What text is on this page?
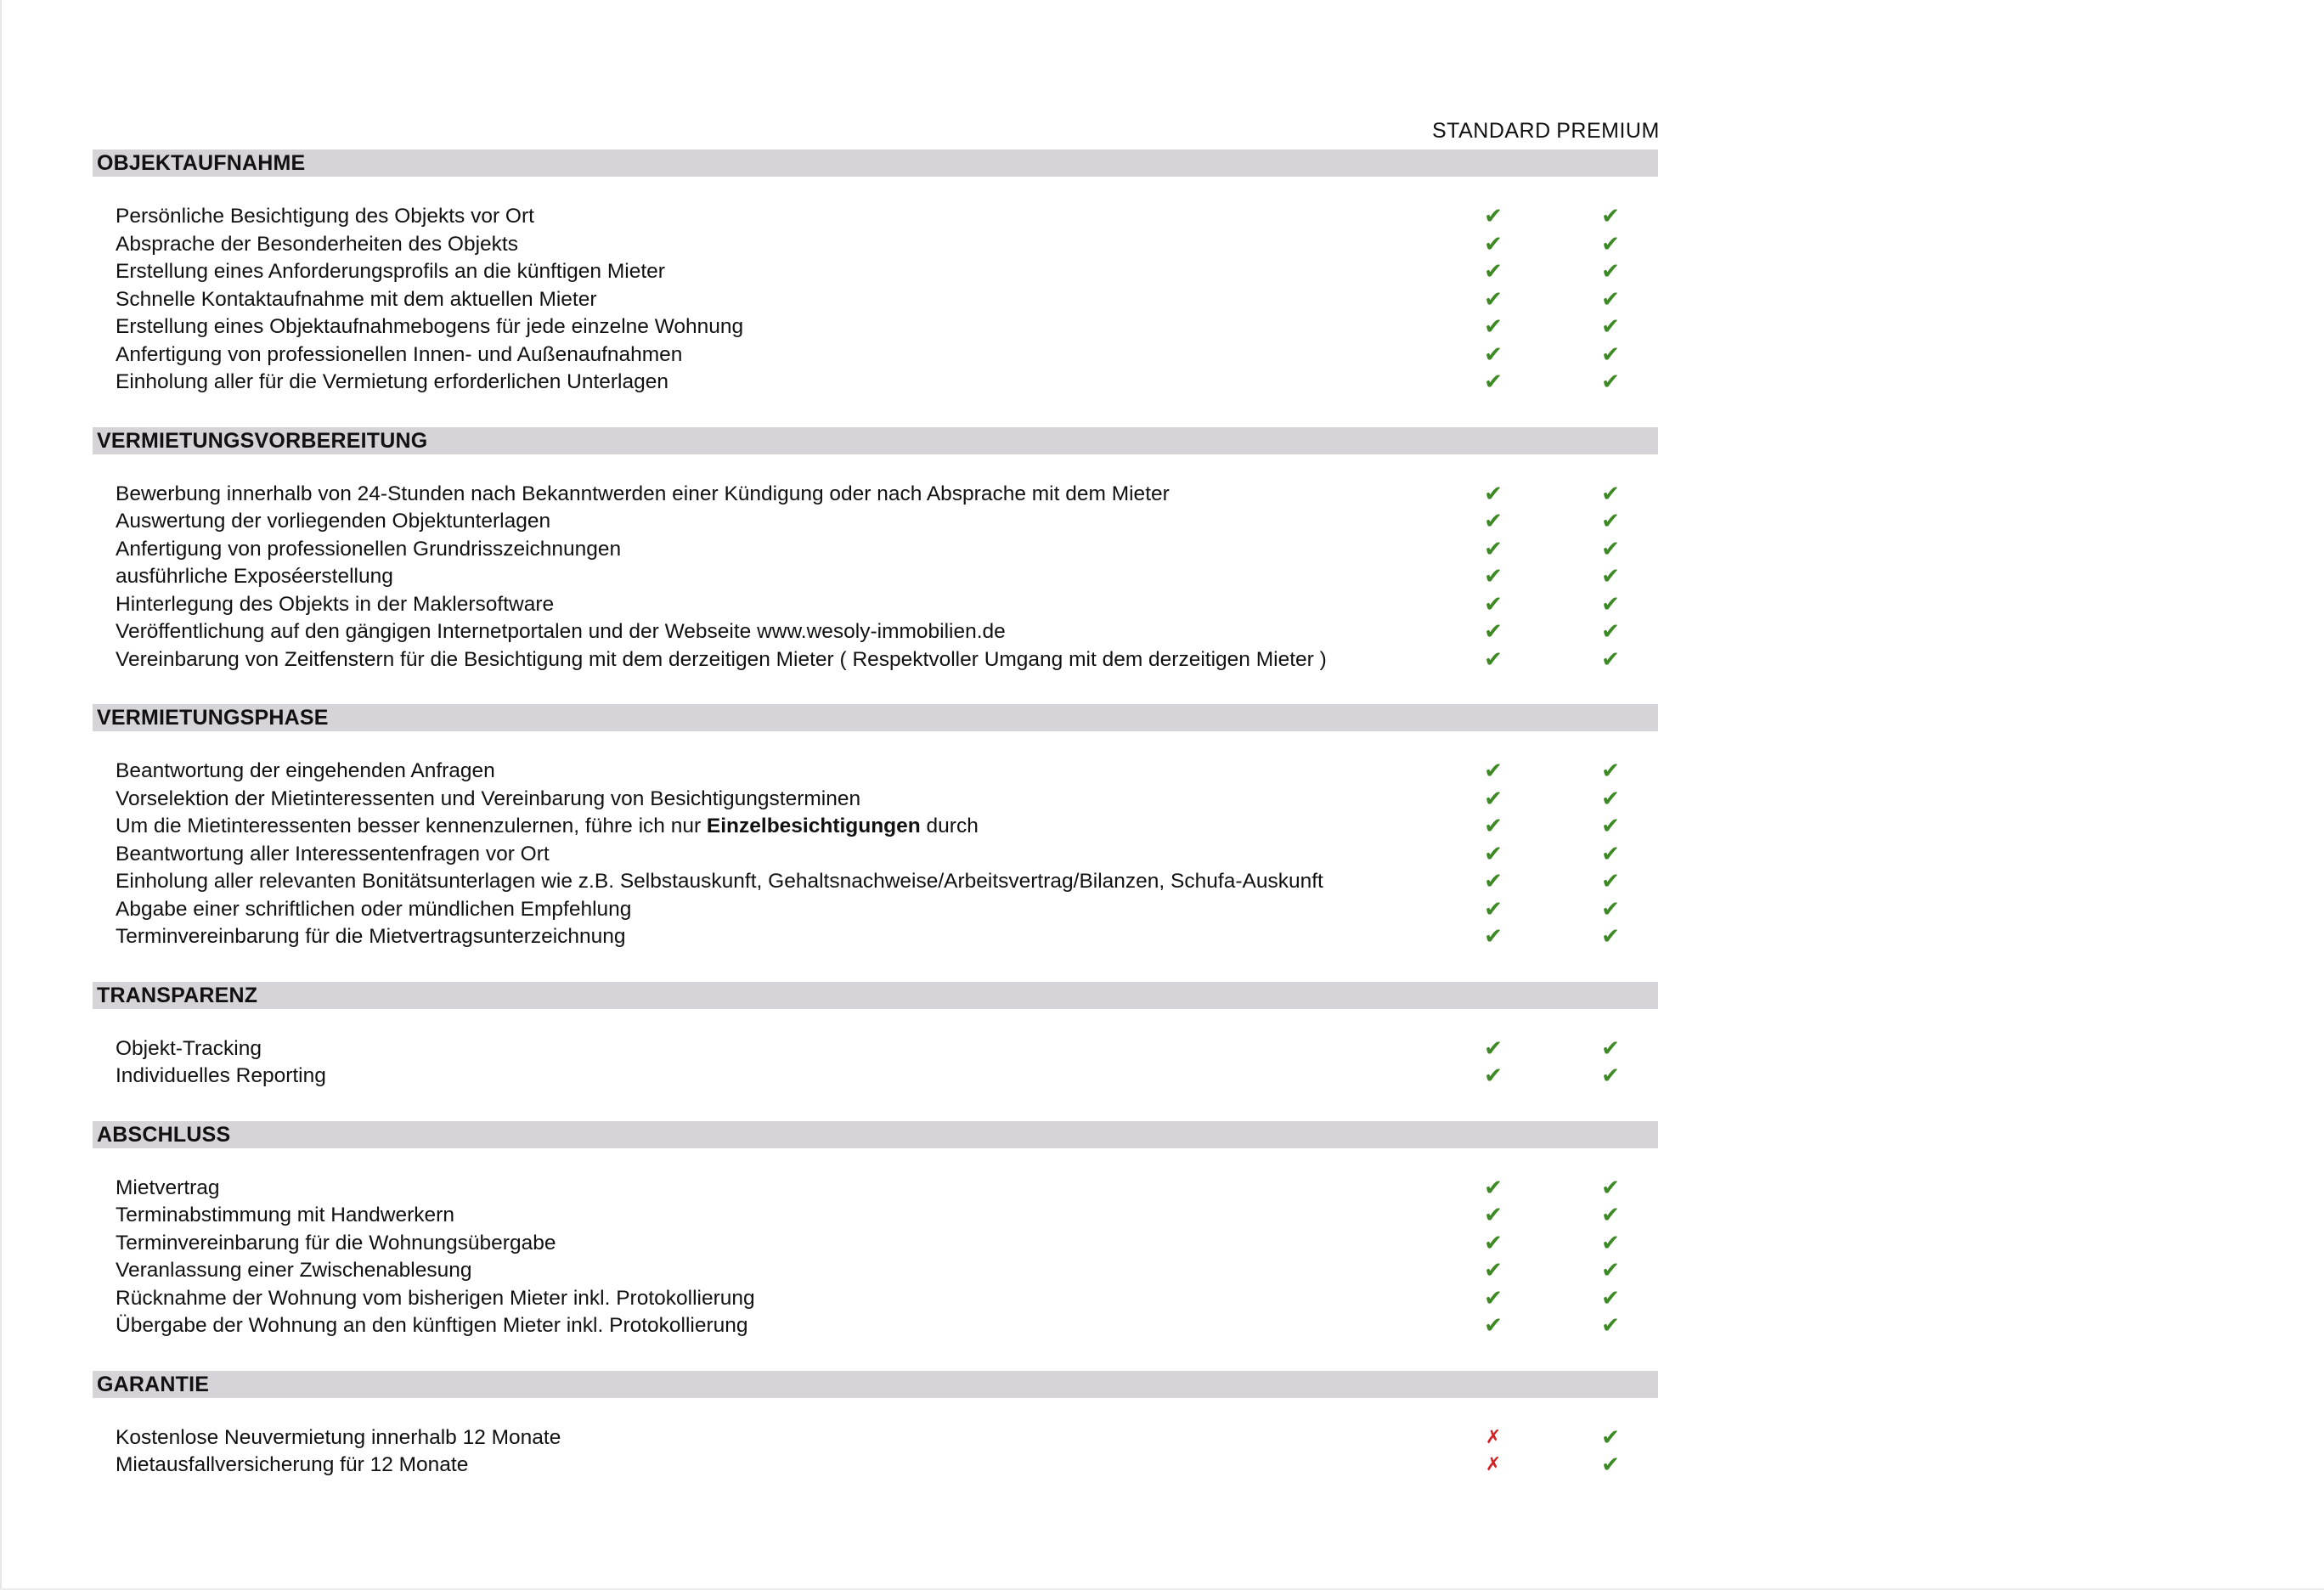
STANDARD PREMIUM
OBJEKTAUFNAHME
Persönliche Besichtigung des Objekts vor Ort	✔	✔
Absprache der Besonderheiten des Objekts	✔	✔
Erstellung eines Anforderungsprofils an die künftigen Mieter	✔	✔
Schnelle Kontaktaufnahme mit dem aktuellen Mieter	✔	✔
Erstellung eines Objektaufnahmebogens für jede einzelne Wohnung	✔	✔
Anfertigung von professionellen Innen- und Außenaufnahmen	✔	✔
Einholung aller für die Vermietung erforderlichen Unterlagen	✔	✔
VERMIETUNGSVORBEREITUNG
Bewerbung innerhalb von 24-Stunden nach Bekanntwerden einer Kündigung oder nach Absprache mit dem Mieter	✔	✔
Auswertung der vorliegenden Objektunterlagen	✔	✔
Anfertigung von professionellen Grundrisszeichnungen	✔	✔
ausführliche Exposéerstellung	✔	✔
Hinterlegung des Objekts in der Maklersoftware	✔	✔
Veröffentlichung auf den gängigen Internetportalen und der Webseite www.wesoly-immobilien.de	✔	✔
Vereinbarung von Zeitfenstern für die Besichtigung mit dem derzeitigen Mieter ( Respektvoller Umgang mit dem derzeitigen Mieter )	✔	✔
VERMIETUNGSPHASE
Beantwortung der eingehenden Anfragen	✔	✔
Vorselektion der Mietinteressenten und Vereinbarung von Besichtigungsterminen	✔	✔
Um die Mietinteressenten besser kennenzulernen, führe ich nur Einzelbesichtigungen durch	✔	✔
Beantwortung aller Interessentenfragen vor Ort	✔	✔
Einholung aller relevanten Bonitätsunterlagen wie z.B. Selbstauskunft, Gehaltsnachweise/Arbeitsvertrag/Bilanzen, Schufa-Auskunft	✔	✔
Abgabe einer schriftlichen oder mündlichen Empfehlung	✔	✔
Terminvereinbarung für die Mietvertragsunterzeichnung	✔	✔
TRANSPARENZ
Objekt-Tracking	✔	✔
Individuelles Reporting	✔	✔
ABSCHLUSS
Mietvertrag	✔	✔
Terminabstimmung mit Handwerkern	✔	✔
Terminvereinbarung für die Wohnungsübergabe	✔	✔
Veranlassung einer Zwischenablesung	✔	✔
Rücknahme der Wohnung vom bisherigen Mieter inkl. Protokollierung	✔	✔
Übergabe der Wohnung an den künftigen Mieter inkl. Protokollierung	✔	✔
GARANTIE
Kostenlose Neuvermietung innerhalb 12 Monate	✗	✔
Mietausfallversicherung für 12 Monate	✗	✔
